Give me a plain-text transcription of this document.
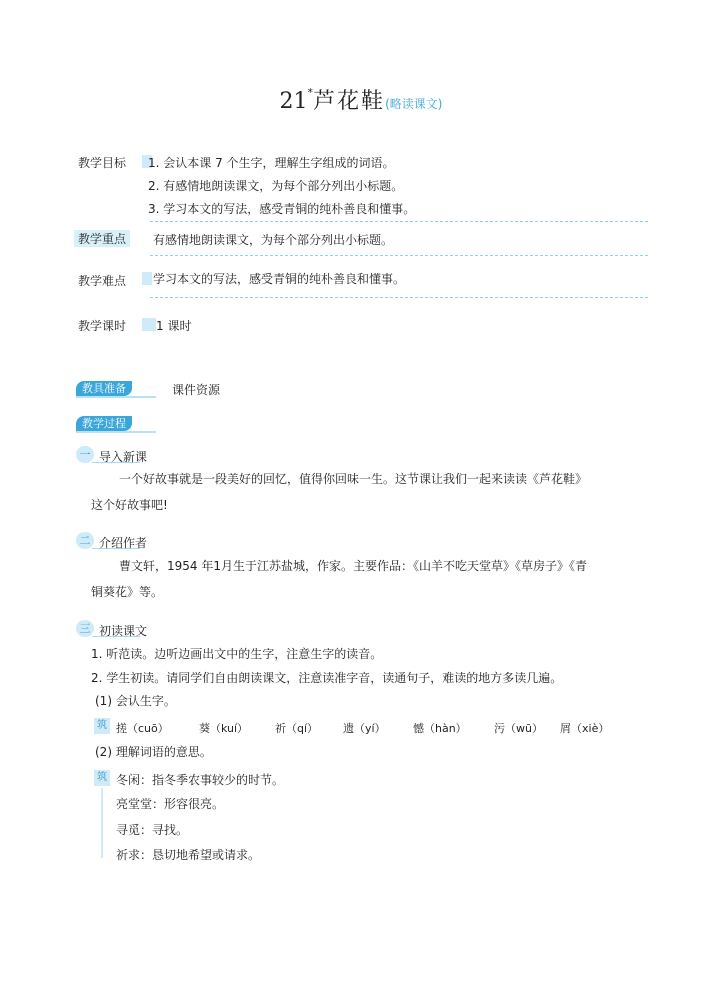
21*芦花鞋(略读课文)
教学目标	1. 会认本课 7 个生字，理解生字组成的词语。
2. 有感情地朗读课文，为每个部分列出小标题。
3. 学习本文的写法，感受青铜的纯朴善良和懂事。
教学重点	有感情地朗读课文，为每个部分列出小标题。
教学难点	学习本文的写法，感受青铜的纯朴善良和懂事。
教学课时	1 课时
教具准备	课件资源
教学过程
一 导入新课
一个好故事就是一段美好的回忆，值得你回味一生。这节课让我们一起来读读《芦花鞋》
这个好故事吧!
二 介绍作者
曹文轩，1954 年1月生于江苏盐城，作家。主要作品：《山羊不吃天堂草》《草房子》《青
铜葵花》等。
三 初读课文
1. 听范读。边听边画出文中的生字，注意生字的读音。
2. 学生初读。请同学们自由朗读课文，注意读准字音，读通句子，难读的地方多读几遍。
(1) 会认生字。
筑 搓（cuō）	葵（kuí） 祈（qí） 遗（yí） 憾（hàn） 污（wū） 屑（xiè）
(2) 理解词语的意思。
筑 冬闲：指冬季农事较少的时节。
亮堂堂：形容很亮。
寻觅：寻找。
祈求：恳切地希望或请求。
